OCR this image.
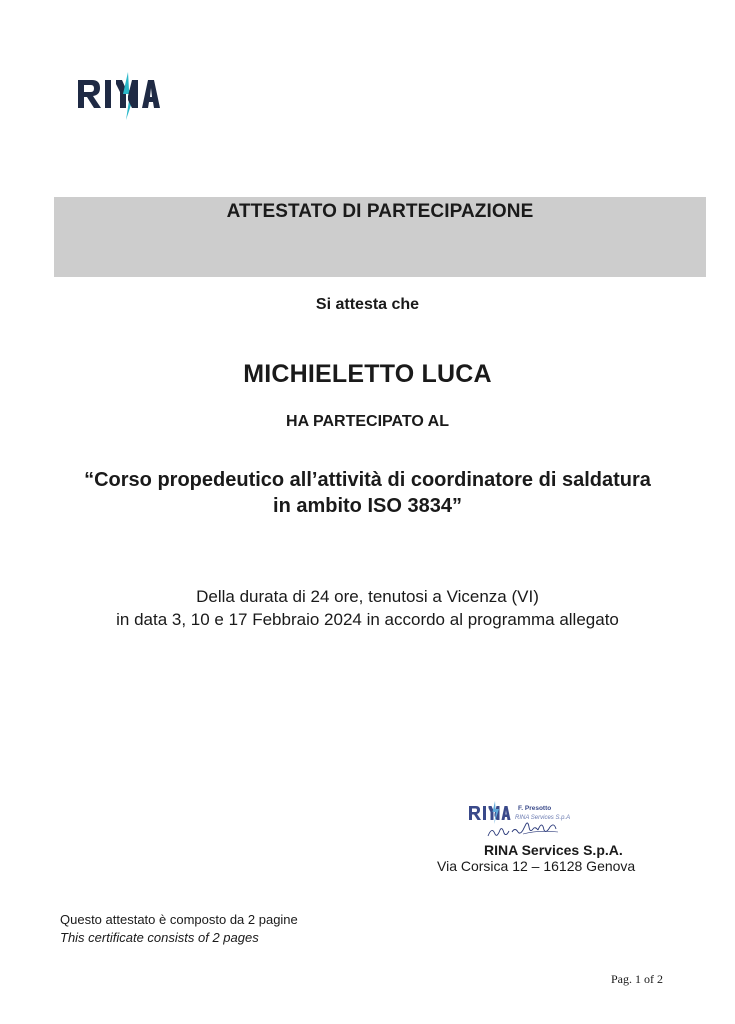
ATTESTATO DI PARTECIPAZIONE
Si attesta che
MICHIELETTO LUCA
HA PARTECIPATO AL
“Corso propedeutico all’attività di coordinatore di saldatura
in ambito ISO 3834”
Della durata di 24 ore, tenutosi a Vicenza (VI)
in data 3, 10 e 17 Febbraio 2024 in accordo al programma allegato
F. Presotto
RINA Services S.p.A
RINA Services S.p.A.
Via Corsica 12 – 16128 Genova
Questo attestato è composto da 2 pagine
This certificate consists of 2 pages
Pag. 1 of 2
